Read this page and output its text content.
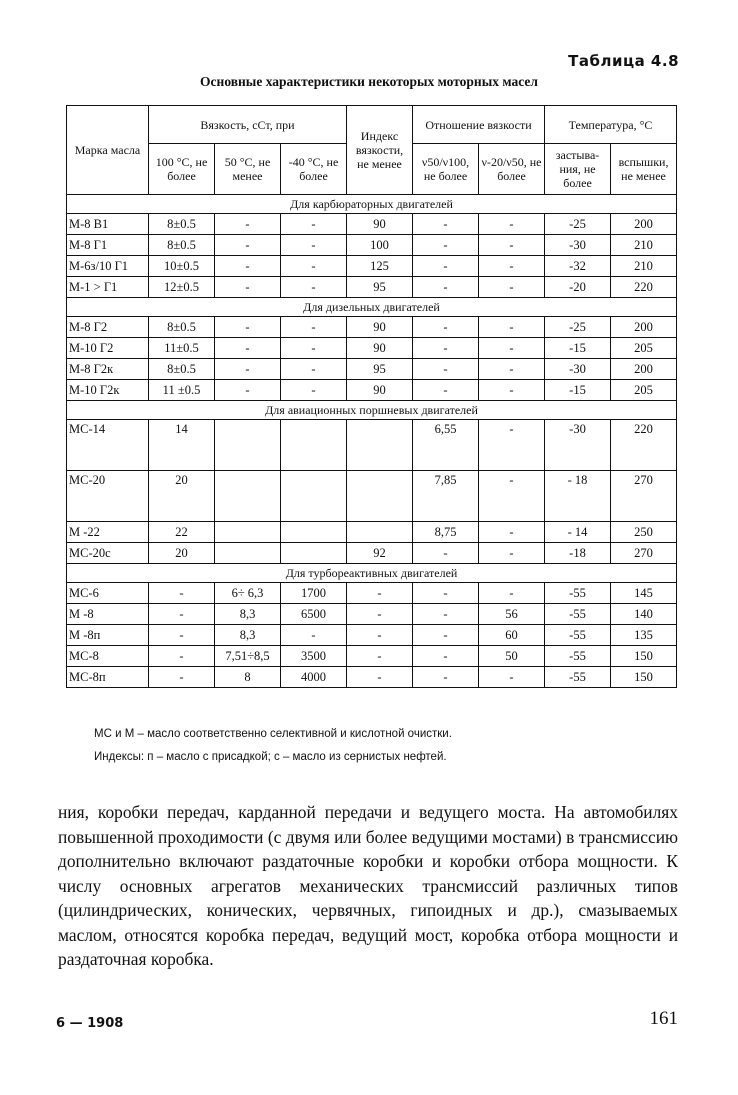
Таблица 4.8
Основные характеристики некоторых моторных масел
Марка масла	Вязкость, сСт, при			Индекс вязкости, не менее	Отношение вязкости		Температура, °С	
	100 °С, не более	50 °С, не менее	-40 °С, не более		ν50/ν100, не более	ν-20/ν50, не более	застыва-ния, не более	вспышки, не менее
Для карбюраторных двигателей								
М-8 В1	8±0.5	-	-	90	-	-	-25	200
М-8 Г1	8±0.5	-	-	100	-	-	-30	210
М-6з/10 Г1	10±0.5	-	-	125	-	-	-32	210
М-1 > Г1	12±0.5	-	-	95	-	-	-20	220
Для дизельных двигателей								
М-8 Г2	8±0.5	-	-	90	-	-	-25	200
М-10 Г2	11±0.5	-	-	90	-	-	-15	205
М-8 Г2к	8±0.5	-	-	95	-	-	-30	200
М-10 Г2к	11 ±0.5	-	-	90	-	-	-15	205
Для авиационных поршневых двигателей								
МС-14	14				6,55	-	-30	220
МС-20	20				7,85	-	- 18	270
М -22	22				8,75	-	- 14	250
МС-20с	20			92	-	-	-18	270
Для турбореактивных двигателей								
МС-6	-	6÷ 6,3	1700	-	-	-	-55	145
М -8	-	8,3	6500	-	-	56	-55	140
М -8п	-	8,3	-	-	-	60	-55	135
МС-8	-	7,51÷8,5	3500	-	-	50	-55	150
МС-8п	-	8	4000	-	-	-	-55	150
МС и М – масло соответственно селективной и кислотной очистки.
Индексы: п – масло с присадкой; с – масло из сернистых нефтей.

ния, коробки передач, карданной передачи и ведущего моста. На автомобилях повышенной проходимости (с двумя или более ведущими мостами) в трансмиссию дополнительно включают раздаточные коробки и коробки отбора мощности. К числу основных агрегатов механических трансмиссий различных типов (цилиндрических, конических, червячных, гипоидных и др.), смазываемых маслом, относятся коробка передач, ведущий мост, коробка отбора мощности и раздаточная коробка.

6 — 1908	161
